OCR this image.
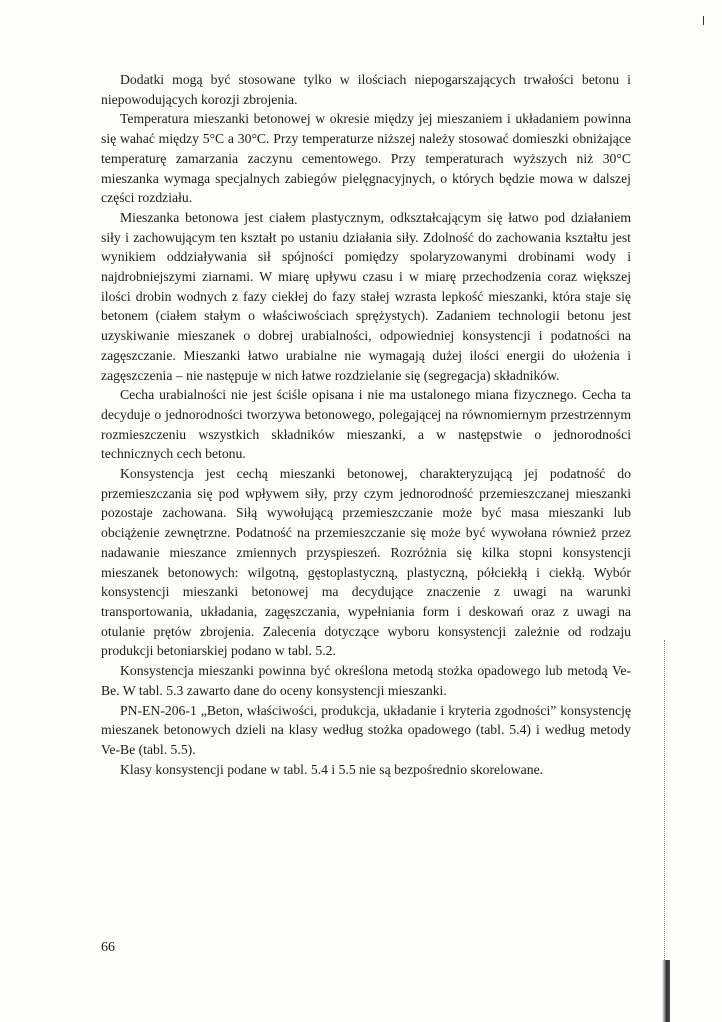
Dodatki mogą być stosowane tylko w ilościach niepogarszających trwałości betonu i niepowodujących korozji zbrojenia.

Temperatura mieszanki betonowej w okresie między jej mieszaniem i układaniem powinna się wahać między 5°C a 30°C. Przy temperaturze niższej należy stosować domieszki obniżające temperaturę zamarzania zaczynu cementowego. Przy temperaturach wyższych niż 30°C mieszanka wymaga specjalnych zabiegów pielęgnacyjnych, o których będzie mowa w dalszej części rozdziału.

Mieszanka betonowa jest ciałem plastycznym, odkształcającym się łatwo pod działaniem siły i zachowującym ten kształt po ustaniu działania siły. Zdolność do zachowania kształtu jest wynikiem oddziaływania sił spójności pomiędzy spolaryzowanymi drobinami wody i najdrobniejszymi ziarnami. W miarę upływu czasu i w miarę przechodzenia coraz większej ilości drobin wodnych z fazy ciekłej do fazy stałej wzrasta lepkość mieszanki, która staje się betonem (ciałem stałym o właściwościach sprężystych). Zadaniem technologii betonu jest uzyskiwanie mieszanek o dobrej urabialności, odpowiedniej konsystencji i podatności na zagęszczanie. Mieszanki łatwo urabialne nie wymagają dużej ilości energii do ułożenia i zagęszczenia – nie następuje w nich łatwe rozdzielanie się (segregacja) składników.

Cecha urabialności nie jest ściśle opisana i nie ma ustalonego miana fizycznego. Cecha ta decyduje o jednorodności tworzywa betonowego, polegającej na równomiernym przestrzennym rozmieszczeniu wszystkich składników mieszanki, a w następstwie o jednorodności technicznych cech betonu.

Konsystencja jest cechą mieszanki betonowej, charakteryzującą jej podatność do przemieszczania się pod wpływem siły, przy czym jednorodność przemieszczanej mieszanki pozostaje zachowana. Siłą wywołującą przemieszczanie może być masa mieszanki lub obciążenie zewnętrzne. Podatność na przemieszczanie się może być wywołana również przez nadawanie mieszance zmiennych przyspieszeń. Rozróżnia się kilka stopni konsystencji mieszanek betonowych: wilgotną, gęstoplastyczną, plastyczną, półciekłą i ciekłą. Wybór konsystencji mieszanki betonowej ma decydujące znaczenie z uwagi na warunki transportowania, układania, zagęszczania, wypełniania form i deskowań oraz z uwagi na otulanie prętów zbrojenia. Zalecenia dotyczące wyboru konsystencji zależnie od rodzaju produkcji betoniarskiej podano w tabl. 5.2.

Konsystencja mieszanki powinna być określona metodą stożka opadowego lub metodą Ve-Be. W tabl. 5.3 zawarto dane do oceny konsystencji mieszanki.

PN-EN-206-1 „Beton, właściwości, produkcja, układanie i kryteria zgodności” konsystencję mieszanek betonowych dzieli na klasy według stożka opadowego (tabl. 5.4) i według metody Ve-Be (tabl. 5.5).

Klasy konsystencji podane w tabl. 5.4 i 5.5 nie są bezpośrednio skorelowane.

66
